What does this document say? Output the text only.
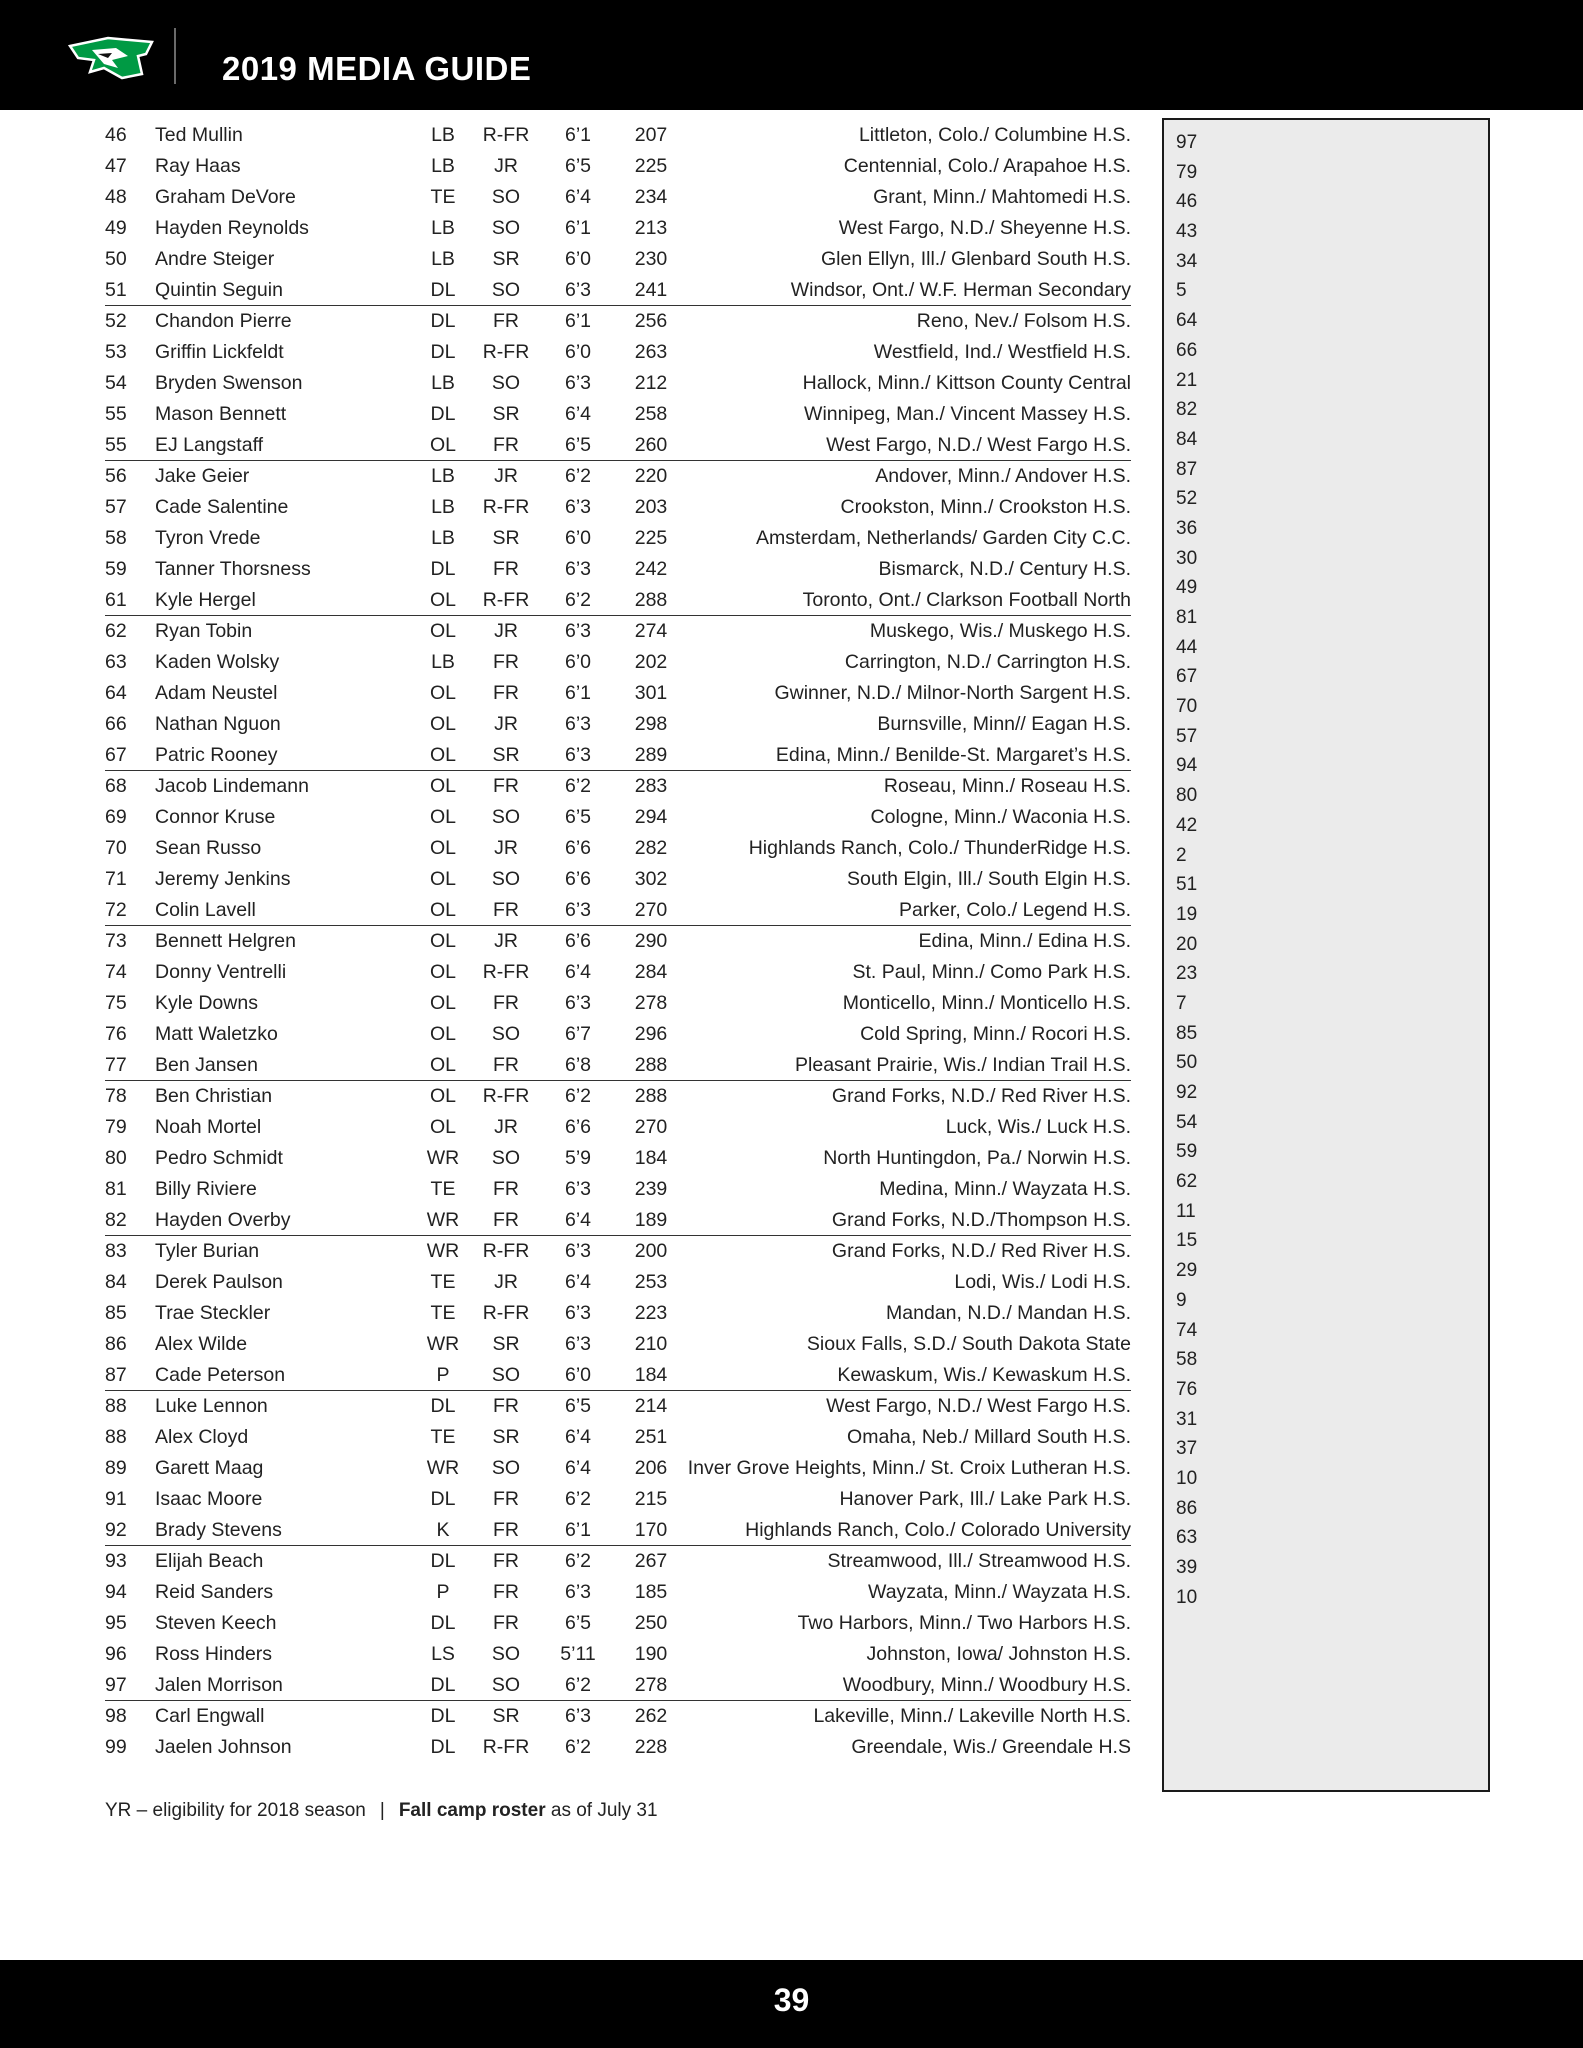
2019 MEDIA GUIDE
46 Ted Mullin	LB	R-FR	6’1	207	Littleton, Colo./ Columbine H.S.
47 Ray Haas	LB	JR	6’5	225	Centennial, Colo./ Arapahoe H.S.
48 Graham DeVore	TE	SO	6’4	234	Grant, Minn./ Mahtomedi H.S.
49 Hayden Reynolds	LB	SO	6’1	213	West Fargo, N.D./ Sheyenne H.S.
50 Andre Steiger	LB	SR	6’0	230	Glen Ellyn, Ill./ Glenbard South H.S.
51 Quintin Seguin	DL	SO	6’3	241	Windsor, Ont./ W.F. Herman Secondary
52 Chandon Pierre	DL	FR	6’1	256	Reno, Nev./ Folsom H.S.
53 Griffin Lickfeldt	DL	R-FR	6’0	263	Westfield, Ind./ Westfield H.S.
54 Bryden Swenson	LB	SO	6’3	212	Hallock, Minn./ Kittson County Central
55 Mason Bennett	DL	SR	6’4	258	Winnipeg, Man./ Vincent Massey H.S.
55 EJ Langstaff	OL	FR	6’5	260	West Fargo, N.D./ West Fargo H.S.
56 Jake Geier	LB	JR	6’2	220	Andover, Minn./ Andover H.S.
57 Cade Salentine	LB	R-FR	6’3	203	Crookston, Minn./ Crookston H.S.
58 Tyron Vrede	LB	SR	6’0	225	Amsterdam, Netherlands/ Garden City C.C.
59 Tanner Thorsness	DL	FR	6’3	242	Bismarck, N.D./ Century H.S.
61 Kyle Hergel	OL	R-FR	6’2	288	Toronto, Ont./ Clarkson Football North
62 Ryan Tobin	OL	JR	6’3	274	Muskego, Wis./ Muskego H.S.
63 Kaden Wolsky	LB	FR	6’0	202	Carrington, N.D./ Carrington H.S.
64 Adam Neustel	OL	FR	6’1	301	Gwinner, N.D./ Milnor-North Sargent H.S.
66 Nathan Nguon	OL	JR	6’3	298	Burnsville, Minn// Eagan H.S.
67 Patric Rooney	OL	SR	6’3	289	Edina, Minn./ Benilde-St. Margaret’s H.S.
68 Jacob Lindemann	OL	FR	6’2	283	Roseau, Minn./ Roseau H.S.
69 Connor Kruse	OL	SO	6’5	294	Cologne, Minn./ Waconia H.S.
70 Sean Russo	OL	JR	6’6	282	Highlands Ranch, Colo./ ThunderRidge H.S.
71 Jeremy Jenkins	OL	SO	6’6	302	South Elgin, Ill./ South Elgin H.S.
72 Colin Lavell	OL	FR	6’3	270	Parker, Colo./ Legend H.S.
73 Bennett Helgren	OL	JR	6’6	290	Edina, Minn./ Edina H.S.
74 Donny Ventrelli	OL	R-FR	6’4	284	St. Paul, Minn./ Como Park H.S.
75 Kyle Downs	OL	FR	6’3	278	Monticello, Minn./ Monticello H.S.
76 Matt Waletzko	OL	SO	6’7	296	Cold Spring, Minn./ Rocori H.S.
77 Ben Jansen	OL	FR	6’8	288	Pleasant Prairie, Wis./ Indian Trail H.S.
78 Ben Christian	OL	R-FR	6’2	288	Grand Forks, N.D./ Red River H.S.
79 Noah Mortel	OL	JR	6’6	270	Luck, Wis./ Luck H.S.
80 Pedro Schmidt	WR	SO	5’9	184	North Huntingdon, Pa./ Norwin H.S.
81 Billy Riviere	TE	FR	6’3	239	Medina, Minn./ Wayzata H.S.
82 Hayden Overby	WR	FR	6’4	189	Grand Forks, N.D./Thompson H.S.
83 Tyler Burian	WR	R-FR	6’3	200	Grand Forks, N.D./ Red River H.S.
84 Derek Paulson	TE	JR	6’4	253	Lodi, Wis./ Lodi H.S.
85 Trae Steckler	TE	R-FR	6’3	223	Mandan, N.D./ Mandan H.S.
86 Alex Wilde	WR	SR	6’3	210	Sioux Falls, S.D./ South Dakota State
87 Cade Peterson	P	SO	6’0	184	Kewaskum, Wis./ Kewaskum H.S.
88 Luke Lennon	DL	FR	6’5	214	West Fargo, N.D./ West Fargo H.S.
88 Alex Cloyd	TE	SR	6’4	251	Omaha, Neb./ Millard South H.S.
89 Garett Maag	WR	SO	6’4	206	Inver Grove Heights, Minn./ St. Croix Lutheran H.S.
91 Isaac Moore	DL	FR	6’2	215	Hanover Park, Ill./ Lake Park H.S.
92 Brady Stevens	K	FR	6’1	170	Highlands Ranch, Colo./ Colorado University
93 Elijah Beach	DL	FR	6’2	267	Streamwood, Ill./ Streamwood H.S.
94 Reid Sanders	P	FR	6’3	185	Wayzata, Minn./ Wayzata H.S.
95 Steven Keech	DL	FR	6’5	250	Two Harbors, Minn./ Two Harbors H.S.
96 Ross Hinders	LS	SO	5’11	190	Johnston, Iowa/ Johnston H.S.
97 Jalen Morrison	DL	SO	6’2	278	Woodbury, Minn./ Woodbury H.S.
98 Carl Engwall	DL	SR	6’3	262	Lakeville, Minn./ Lakeville North H.S.
99 Jaelen Johnson	DL	R-FR	6’2	228	Greendale, Wis./ Greendale H.S
YR – eligibility for 2018 season | Fall camp roster as of July 31
97
79
46
43
34
5
64
66
21
82
84
87
52
36
30
49
81
44
67
70
57
94
80
42
2
51
19
20
23
7
85
50
92
54
59
62
11
15
29
9
74
58
76
31
37
10
86
63
39
10
39
